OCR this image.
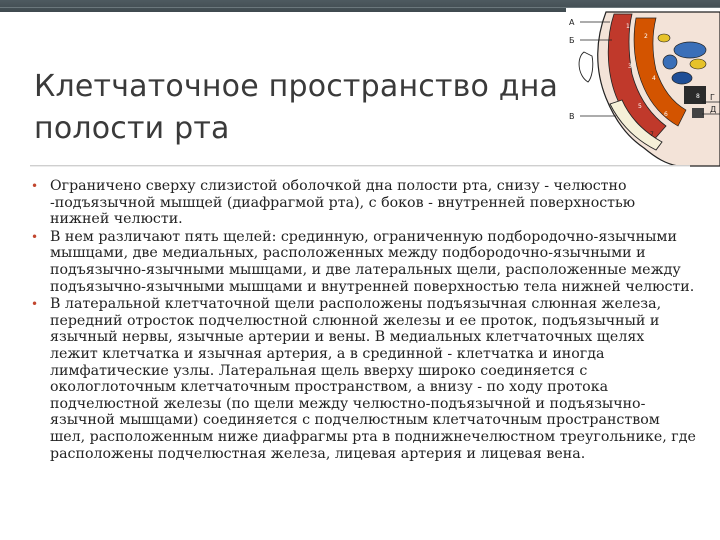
Клетчаточное пространство дна
полости рта
А
Б
В
Г
Д
1
2
3
4
5
6
7
8
• Ограничено сверху слизистой оболочкой дна полости рта, снизу - челюстно -подъязычной мышцей (диафрагмой рта), с боков - внутренней поверхностью нижней челюсти.
• В нем различают пять щелей: срединную, ограниченную подбородочно-язычными мышцами, две медиальных, расположенных между подбородочно-язычными и подъязычно-язычными мышцами, и две латеральных щели, расположенные между подъязычно-язычными мышцами и внутренней поверхностью тела нижней челюсти.
• В латеральной клетчаточной щели расположены подъязычная слюнная железа, передний отросток подчелюстной слюнной железы и ее проток, подъязычный и язычный нервы, язычные артерии и вены. В медиальных клетчаточных щелях лежит клетчатка и язычная артерия, а в срединной - клетчатка и иногда лимфатические узлы. Латеральная щель вверху широко соединяется с окологлоточным клетчаточным пространством, а внизу - по ходу протока подчелюстной железы (по щели между челюстно-подъязычной и подъязычно-язычной мышцами) соединяется с подчелюстным клетчаточным пространством шел, расположенным ниже диафрагмы рта в поднижнечелюстном треугольнике, где расположены подчелюстная железа, лицевая артерия и лицевая вена.
